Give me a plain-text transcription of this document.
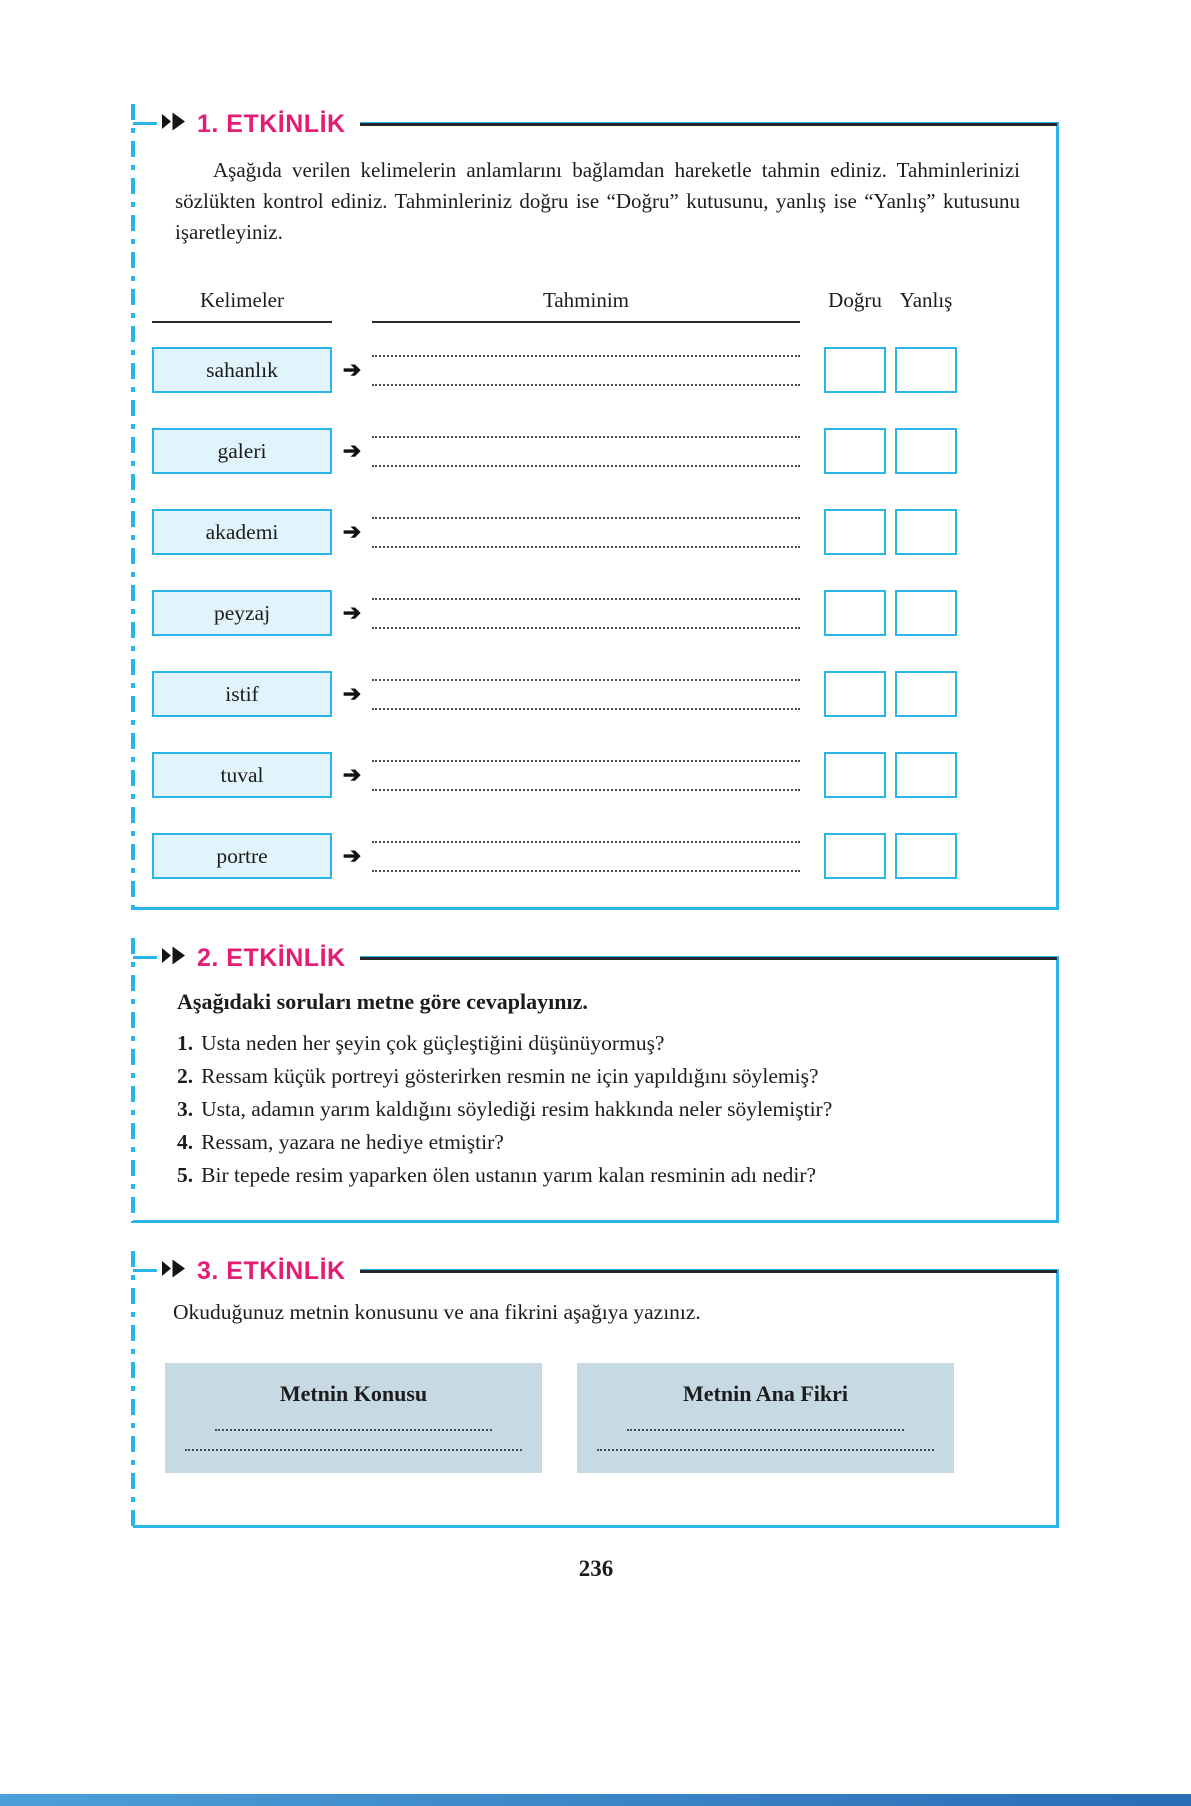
1. ETKİNLİK

Aşağıda verilen kelimelerin anlamlarını bağlamdan hareketle tahmin ediniz. Tahminlerinizi sözlükten kontrol ediniz. Tahminleriniz doğru ise “Doğru” kutusunu, yanlış ise “Yanlış” kutusunu işaretleyiniz.

Kelimeler	Tahminim	Doğru Yanlış
sahanlık	➔
galeri	➔
akademi	➔
peyzaj	➔
istif	➔
tuval	➔
portre	➔
2. ETKİNLİK

Aşağıdaki soruları metne göre cevaplayınız.

1. Usta neden her şeyin çok güçleştiğini düşünüyormuş?
2. Ressam küçük portreyi gösterirken resmin ne için yapıldığını söylemiş?
3. Usta, adamın yarım kaldığını söylediği resim hakkında neler söylemiştir?
4. Ressam, yazara ne hediye etmiştir?
5. Bir tepede resim yaparken ölen ustanın yarım kalan resminin adı nedir?
3. ETKİNLİK

Okuduğunuz metnin konusunu ve ana fikrini aşağıya yazınız.

Metnin Konusu	Metnin Ana Fikri
236
